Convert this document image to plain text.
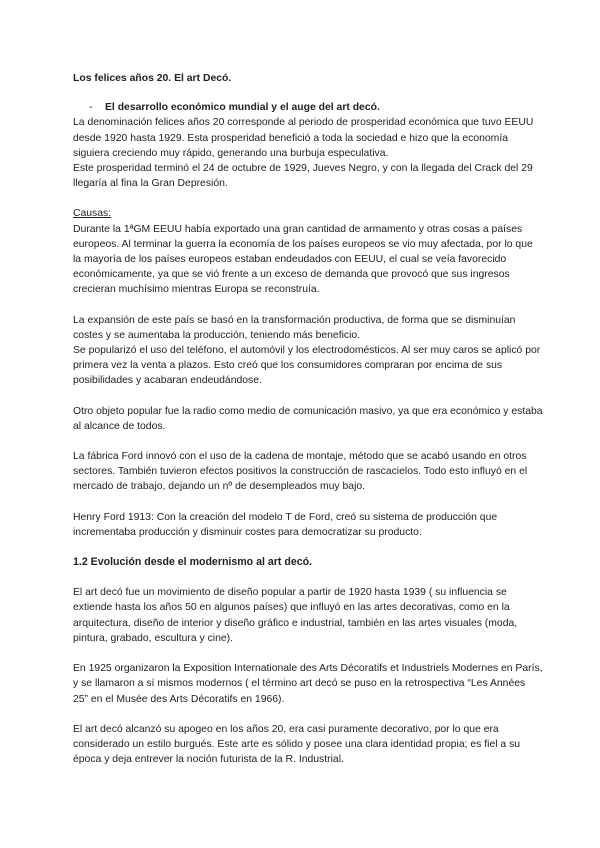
Los felices años 20. El art Decó.

- El desarrollo económico mundial y el auge del art decó.

La denominación felices años 20 corresponde al periodo de prosperidad económica que tuvo EEUU desde 1920 hasta 1929. Esta prosperidad benefició a toda la sociedad e hizo que la economía siguiera creciendo muy rápido, generando una burbuja especulativa.

Este prosperidad terminó el 24 de octubre de 1929, Jueves Negro, y con la llegada del Crack del 29 llegaría al fina la Gran Depresión.

Causas:

Durante la 1ªGM EEUU había exportado una gran cantidad de armamento y otras cosas a países europeos. Al terminar la guerra la economía de los países europeos se vio muy afectada, por lo que la mayoría de los países europeos estaban endeudados con EEUU, el cual se veía favorecido económicamente, ya que se vió frente a un exceso de demanda que provocó que sus ingresos crecieran muchísimo mientras Europa se reconstruía.

La expansión de este país se basó en la transformación productiva, de forma que se disminuían costes y se aumentaba la producción, teniendo más beneficio.

Se popularizó el uso del teléfono, el automóvil y los electrodomésticos. Al ser muy caros se aplicó por primera vez la venta a plazos. Esto creó que los consumidores compraran por encima de sus posibilidades y acabaran endeudándose.

Otro objeto popular fue la radio como medio de comunicación masivo, ya que era económico y estaba al alcance de todos.

La fábrica Ford innovó con el uso de la cadena de montaje, método que se acabó usando en otros sectores. También tuvieron efectos positivos la construcción de rascacielos. Todo esto influyó en el mercado de trabajo, dejando un nº de desempleados muy bajo.

Henry Ford 1913: Con la creación del modelo T de Ford, creó su sistema de producción que incrementaba producción y disminuir costes para democratizar su producto.

1.2 Evolución desde el modernismo al art decó.

El art decó fue un movimiento de diseño popular a partir de 1920 hasta 1939 ( su influencia se extiende hasta los años 50 en algunos países) que influyó en las artes decorativas, como en la arquitectura, diseño de interior y diseño gráfico e industrial, también en las artes visuales (moda, pintura, grabado, escultura y cine).

En 1925 organizaron la Exposition Internationale des Arts Décoratifs et Industriels Modernes en París, y se llamaron a sí mismos modernos ( el término art decó se puso en la retrospectiva “Les Années 25” en el Musée des Arts Décoratifs en 1966).

El art decó alcanzó su apogeo en los años 20, era casi puramente decorativo, por lo que era considerado un estilo burgués. Este arte es sólido y posee una clara identidad propia; es fiel a su época y deja entrever la noción futurista de la R. Industrial.
